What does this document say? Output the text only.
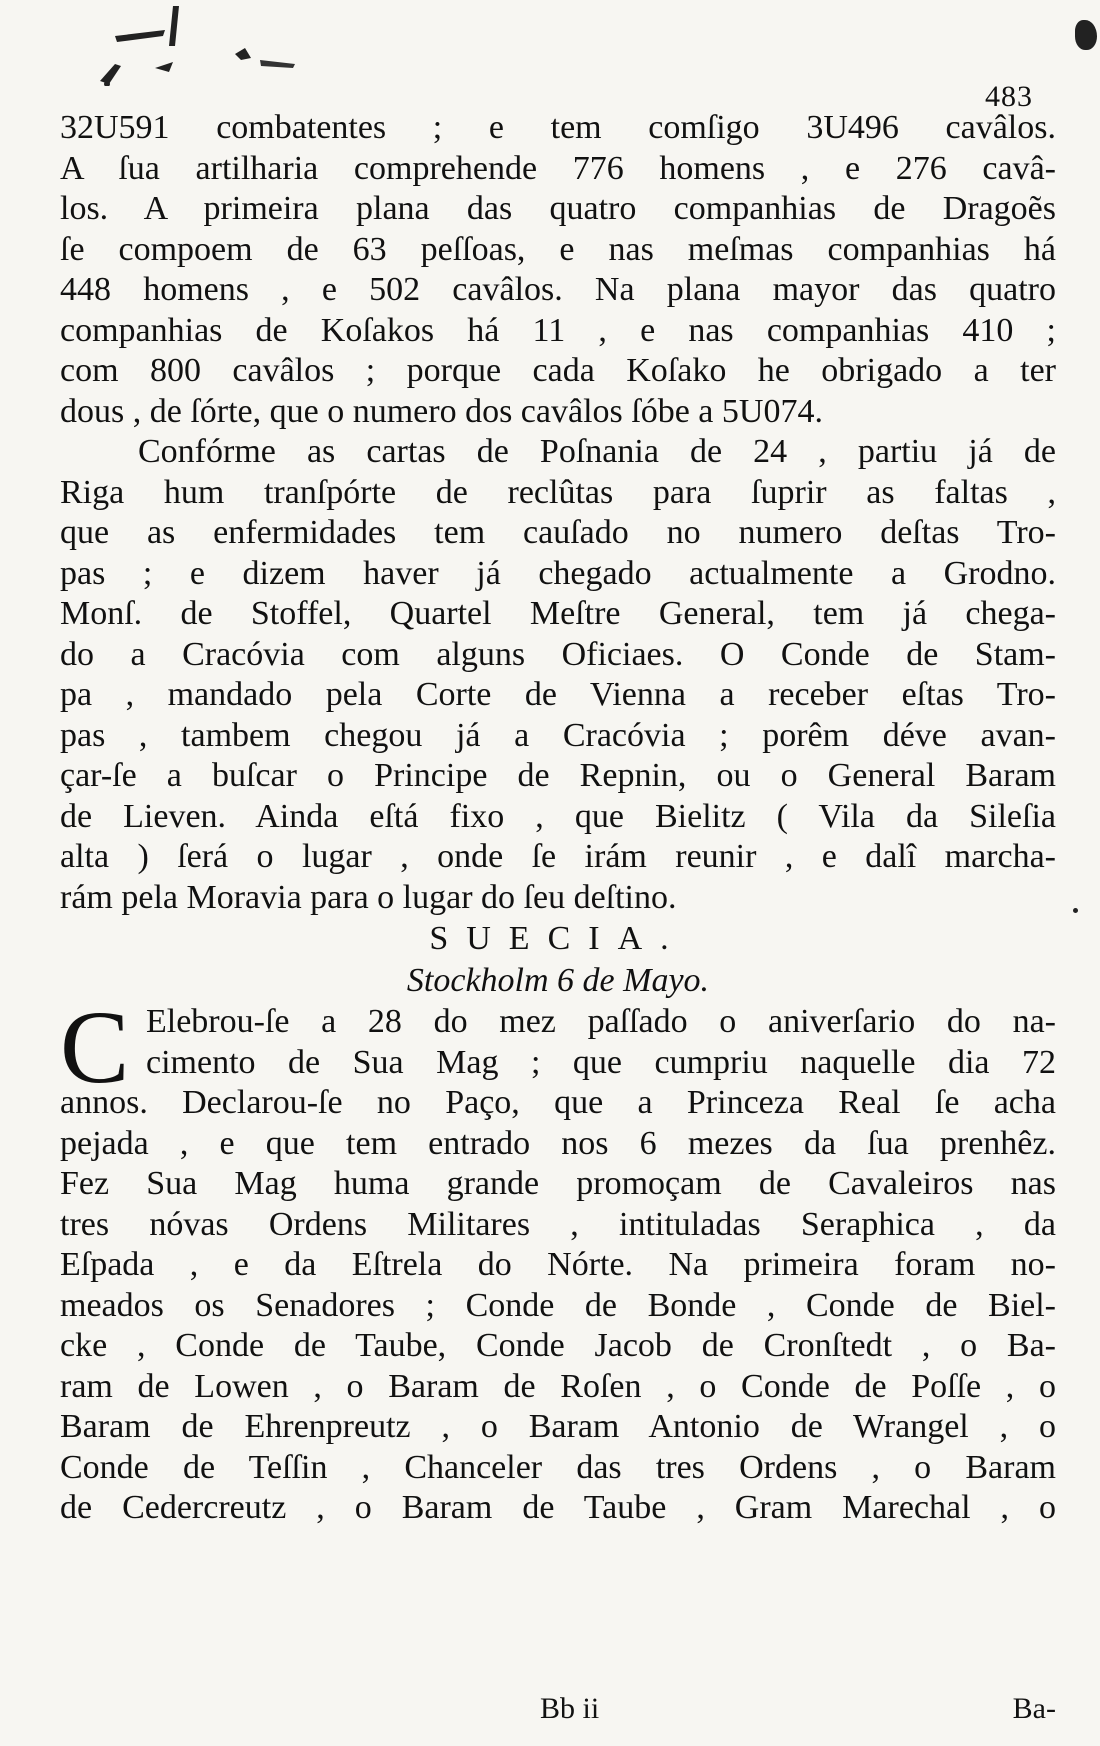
483
32U591 combatentes ; e tem comſigo 3U496 cavâlos.
A ſua artilharia comprehende 776 homens , e 276 cavâ-
los. A primeira plana das quatro companhias de Dragoẽs
ſe compoem de 63 peſſoas, e nas meſmas companhias há
448 homens , e 502 cavâlos. Na plana mayor das quatro
companhias de Koſakos há 11 , e nas companhias 410 ;
com 800 cavâlos ; porque cada Koſako he obrigado a ter
dous , de ſórte, que o numero dos cavâlos ſóbe a 5U074.
Confórme as cartas de Poſnania de 24 , partiu já de
Riga hum tranſpórte de reclûtas para ſuprir as faltas ,
que as enfermidades tem cauſado no numero deſtas Tro-
pas ; e dizem haver já chegado actualmente a Grodno.
Monſ. de Stoffel, Quartel Meſtre General, tem já chega-
do a Cracóvia com alguns Oficiaes. O Conde de Stam-
pa , mandado pela Corte de Vienna a receber eſtas Tro-
pas , tambem chegou já a Cracóvia ; porêm déve avan-
çar-ſe a buſcar o Principe de Repnin, ou o General Baram
de Lieven. Ainda eſtá fixo , que Bielitz ( Vila da Sileſia
alta ) ſerá o lugar , onde ſe irám reunir , e dalî marcha-
rám pela Moravia para o lugar do ſeu deſtino.
SUECIA.
Stockholm 6 de Mayo.
C Elebrou-ſe a 28 do mez paſſado o aniverſario do na-
cimento de Sua Mag ; que cumpriu naquelle dia 72
annos. Declarou-ſe no Paço, que a Princeza Real ſe acha
pejada , e que tem entrado nos 6 mezes da ſua prenhêz.
Fez Sua Mag huma grande promoçam de Cavaleiros nas
tres nóvas Ordens Militares , intituladas Seraphica , da
Eſpada , e da Eſtrela do Nórte. Na primeira foram no-
meados os Senadores ; Conde de Bonde , Conde de Biel-
cke , Conde de Taube, Conde Jacob de Cronſtedt , o Ba-
ram de Lowen , o Baram de Roſen , o Conde de Poſſe , o
Baram de Ehrenpreutz , o Baram Antonio de Wrangel , o
Conde de Teſſin , Chanceler das tres Ordens , o Baram
de Cedercreutz , o Baram de Taube , Gram Marechal , o
Bb ii	Ba-
